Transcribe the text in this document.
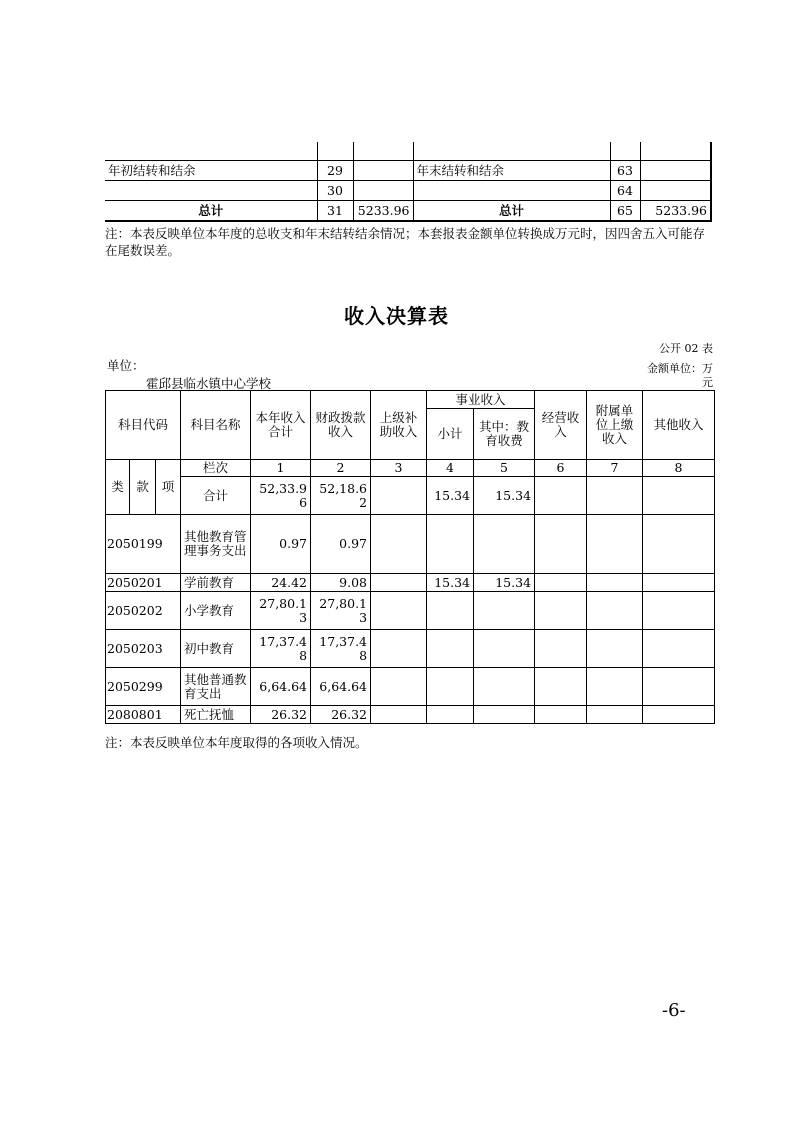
年初结转和结余	29		年末结转和结余	63	
	30			64	
总计	31	5233.96	总计	65	5233.96
注：本表反映单位本年度的总收支和年末结转结余情况；本套报表金额单位转换成万元时，因四舍五入可能存在尾数误差。
收入决算表
公开 02 表
单位：	金额单位：万
元
霍邱县临水镇中心学校
科目代码			科目名称	本年收入合计	财政拨款收入	上级补助收入	事业收入		经营收入	附属单位上缴收入	其他收入
							小计	其中：教育收费			
类	款	项	栏次	1	2	3	4	5	6	7	8
			合计	52,33.96	52,18.62		15.34	15.34			
2050199			其他教育管理事务支出	0.97	0.97						
2050201			学前教育	24.42	9.08		15.34	15.34			
2050202			小学教育	27,80.13	27,80.13						
2050203			初中教育	17,37.48	17,37.48						
2050299			其他普通教育支出	6,64.64	6,64.64						
2080801			死亡抚恤	26.32	26.32						
注：本表反映单位本年度取得的各项收入情况。
-6-
